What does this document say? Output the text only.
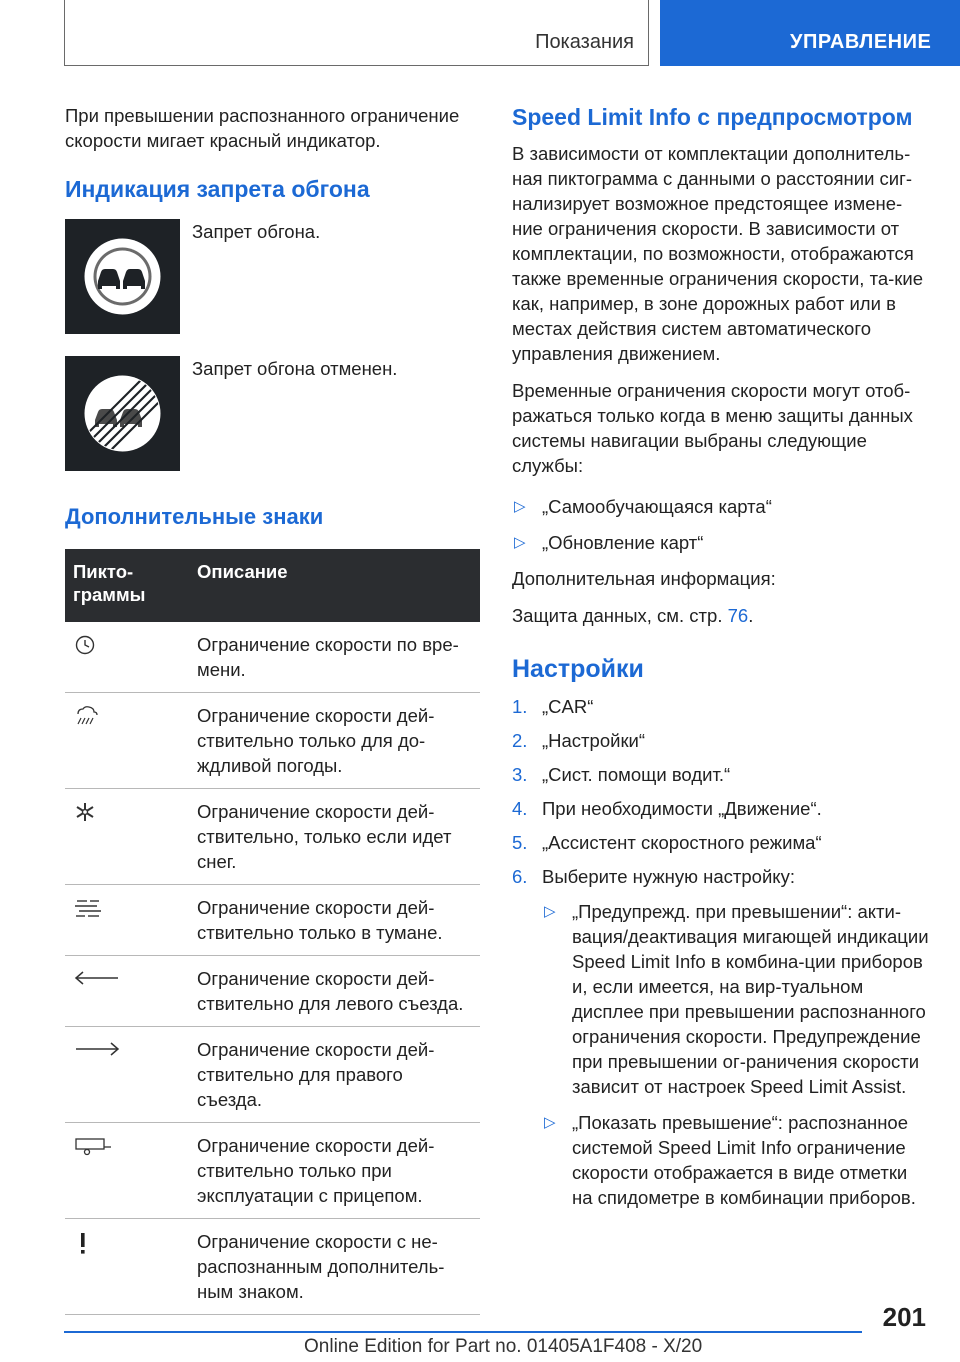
Показания	УПРАВЛЕНИЕ

При превышении распознанного ограничение скорости мигает красный индикатор.

Индикация запрета обгона
Запрет обгона.
Запрет обгона отменен.
Дополнительные знаки
Пикто-
граммы	Описание
	Ограничение скорости по вре-мени.
	Ограничение скорости дей-ствительно только для до-ждливой погоды.
	Ограничение скорости дей-ствительно, только если идет снег.
	Ограничение скорости дей-ствительно только в тумане.
	Ограничение скорости дей-ствительно для левого съезда.
	Ограничение скорости дей-ствительно для правого съезда.
	Ограничение скорости дей-ствительно только при эксплуатации с прицепом.
	Ограничение скорости с не-распознанным дополнитель-ным знаком.
Speed Limit Info с предпросмотром

В зависимости от комплектации дополнитель-ная пиктограмма с данными о расстоянии сиг-нализирует возможное предстоящее измене-ние ограничения скорости. В зависимости от комплектации, по возможности, отображаются также временные ограничения скорости, та-кие как, например, в зоне дорожных работ или в местах действия систем автоматического управления движением.

Временные ограничения скорости могут отоб-ражаться только когда в меню защиты данных системы навигации выбраны следующие службы:

▷ „Самообучающаяся карта“
▷ „Обновление карт“

Дополнительная информация:

Защита данных, см. стр. 76.

Настройки
1. „CAR“
2. „Настройки“
3. „Сист. помощи водит.“
4. При необходимости „Движение“.
5. „Ассистент скоростного режима“
6. Выберите нужную настройку:
▷ „Предупрежд. при превышении“: акти-вация/деактивация мигающей индикации Speed Limit Info в комбина-ции приборов и, если имеется, на вир-туальном дисплее при превышении распознанного ограничения скорости. Предупреждение при превышении ог-раничения скорости зависит от настроек Speed Limit Assist.
▷ „Показать превышение“: распознанное системой Speed Limit Info ограничение скорости отображается в виде отметки на спидометре в комбинации приборов.
201
Online Edition for Part no. 01405A1F408 - X/20
